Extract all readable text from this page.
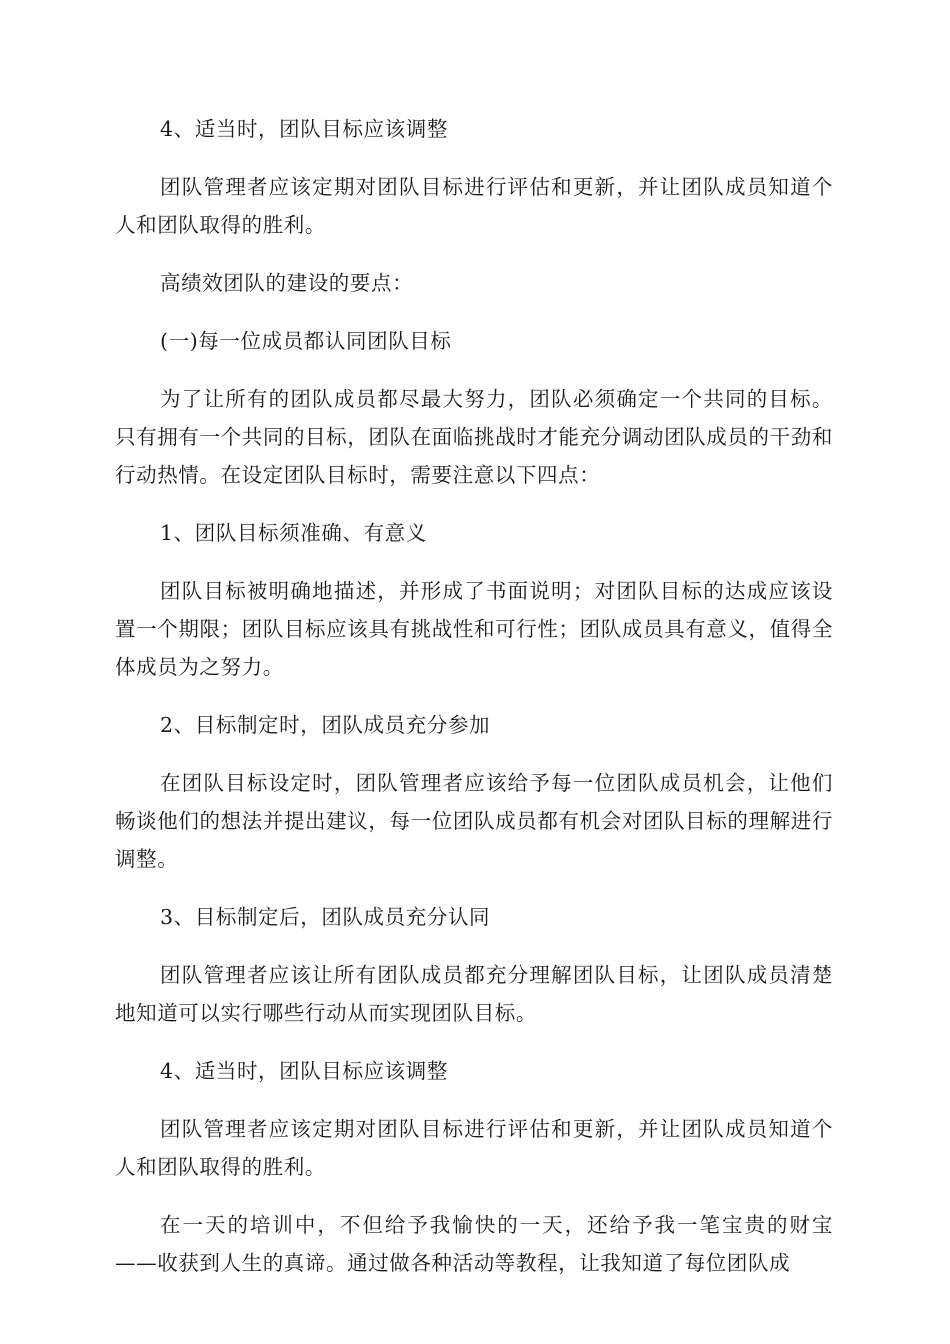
4、适当时，团队目标应该调整

团队管理者应该定期对团队目标进行评估和更新，并让团队成员知道个人和团队取得的胜利。

高绩效团队的建设的要点：

(一)每一位成员都认同团队目标

为了让所有的团队成员都尽最大努力，团队必须确定一个共同的目标。只有拥有一个共同的目标，团队在面临挑战时才能充分调动团队成员的干劲和行动热情。在设定团队目标时，需要注意以下四点：

1、团队目标须准确、有意义

团队目标被明确地描述，并形成了书面说明；对团队目标的达成应该设置一个期限；团队目标应该具有挑战性和可行性；团队成员具有意义，值得全体成员为之努力。

2、目标制定时，团队成员充分参加

在团队目标设定时，团队管理者应该给予每一位团队成员机会，让他们畅谈他们的想法并提出建议，每一位团队成员都有机会对团队目标的理解进行调整。

3、目标制定后，团队成员充分认同

团队管理者应该让所有团队成员都充分理解团队目标，让团队成员清楚地知道可以实行哪些行动从而实现团队目标。

4、适当时，团队目标应该调整

团队管理者应该定期对团队目标进行评估和更新，并让团队成员知道个人和团队取得的胜利。

在一天的培训中，不但给予我愉快的一天，还给予我一笔宝贵的财宝——收获到人生的真谛。通过做各种活动等教程，让我知道了每位团队成
